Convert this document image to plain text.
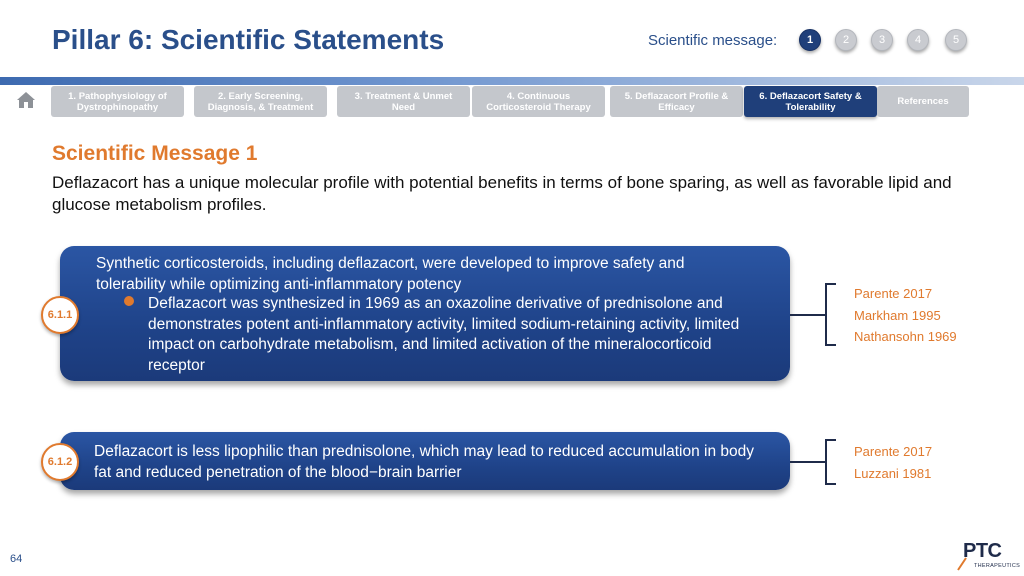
Pillar 6: Scientific Statements	Scientific message:	1	2	3	4	5
1. Pathophysiology of Dystrophinopathy
2. Early Screening, Diagnosis, & Treatment
3. Treatment & Unmet Need
4. Continuous Corticosteroid Therapy
5. Deflazacort Profile & Efficacy
6. Deflazacort Safety & Tolerability	References
Scientific Message 1
Deflazacort has a unique molecular profile with potential benefits in terms of bone sparing, as well as favorable lipid and glucose metabolism profiles.
Synthetic corticosteroids, including deflazacort, were developed to improve safety and tolerability while optimizing anti-inflammatory potency
Deflazacort was synthesized in 1969 as an oxazoline derivative of prednisolone and demonstrates potent anti-inflammatory activity, limited sodium-retaining activity, limited impact on carbohydrate metabolism, and limited activation of the mineralocorticoid receptor
6.1.1
Deflazacort is less lipophilic than prednisolone, which may lead to reduced accumulation in body fat and reduced penetration of the blood−brain barrier
6.1.2
Parente 2017
Markham 1995
Nathansohn 1969
Parente 2017
Luzzani 1981
64	PTC
THERAPEUTICS
